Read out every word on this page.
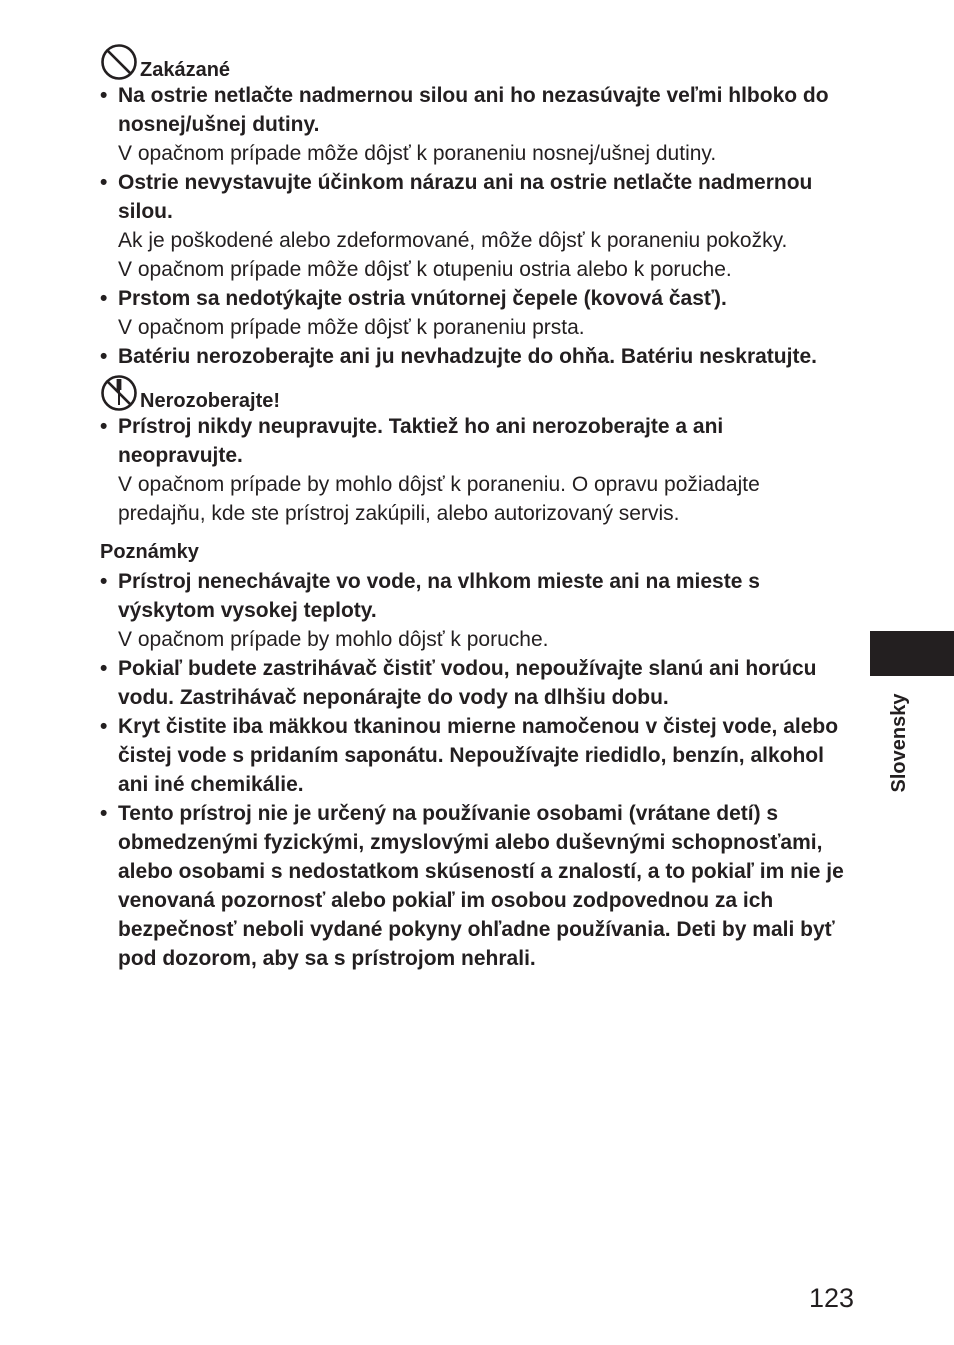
Zakázané
• Na ostrie netlačte nadmernou silou ani ho nezasúvajte veľmi hlboko do nosnej/ušnej dutiny.
V opačnom prípade môže dôjsť k poraneniu nosnej/ušnej dutiny.
• Ostrie nevystavujte účinkom nárazu ani na ostrie netlačte nadmernou silou.
Ak je poškodené alebo zdeformované, môže dôjsť k poraneniu pokožky.
V opačnom prípade môže dôjsť k otupeniu ostria alebo k poruche.
• Prstom sa nedotýkajte ostria vnútornej čepele (kovová časť).
V opačnom prípade môže dôjsť k poraneniu prsta.
• Batériu nerozoberajte ani ju nevhadzujte do ohňa. Batériu neskratujte.
Nerozoberajte!
• Prístroj nikdy neupravujte. Taktiež ho ani nerozoberajte a ani neopravujte.
V opačnom prípade by mohlo dôjsť k poraneniu. O opravu požiadajte predajňu, kde ste prístroj zakúpili, alebo autorizovaný servis.
Poznámky
• Prístroj nenechávajte vo vode, na vlhkom mieste ani na mieste s výskytom vysokej teploty.
V opačnom prípade by mohlo dôjsť k poruche.
• Pokiaľ budete zastrihávač čistiť vodou, nepoužívajte slanú ani horúcu vodu. Zastrihávač neponárajte do vody na dlhšiu dobu.
• Kryt čistite iba mäkkou tkaninou mierne namočenou v čistej vode, alebo čistej vode s pridaním saponátu. Nepoužívajte riedidlo, benzín, alkohol ani iné chemikálie.
• Tento prístroj nie je určený na používanie osobami (vrátane detí) s obmedzenými fyzickými, zmyslovými alebo duševnými schopnosťami, alebo osobami s nedostatkom skúseností a znalostí, a to pokiaľ im nie je venovaná pozornosť alebo pokiaľ im osobou zodpovednou za ich bezpečnosť neboli vydané pokyny ohľadne používania. Deti by mali byť pod dozorom, aby sa s prístrojom nehrali.
Slovensky
123
